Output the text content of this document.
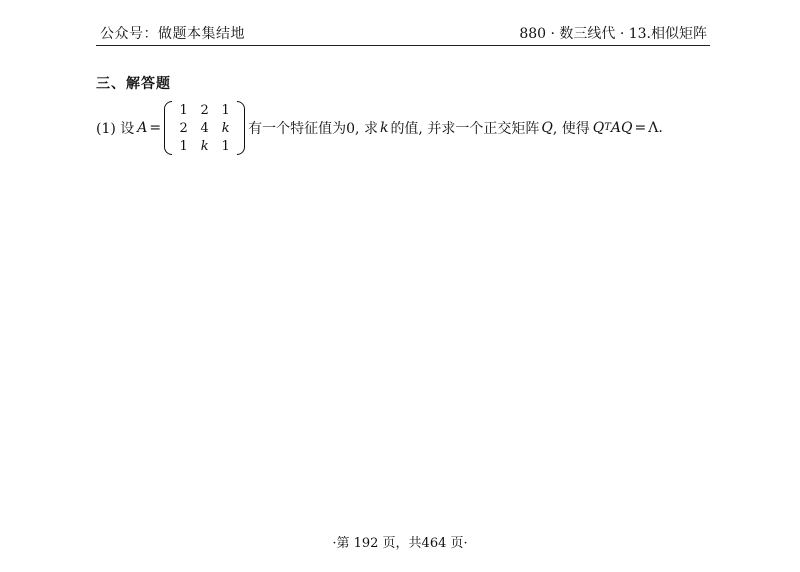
公众号：做题本集结地	880 · 数三线代 · 13.相似矩阵
三、解答题
(1) 设 A =
1 2 1
2 4 k
1 k 1
有一个特征值为0, 求 k 的值, 并求一个正交矩阵 Q , 使得 Q T AQ = Λ .
·第 192 页，共464 页·
